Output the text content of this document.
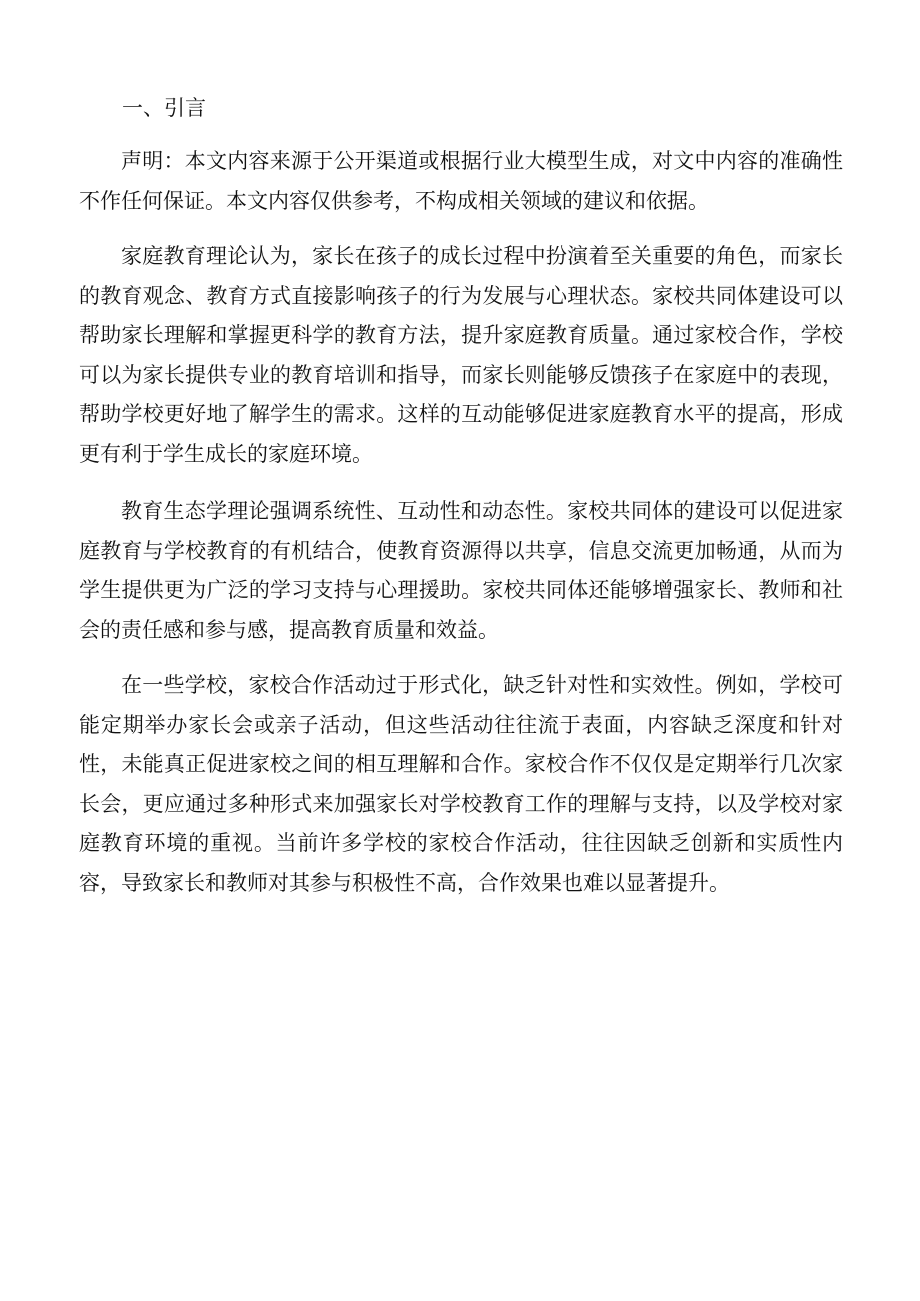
一、引言

声明：本文内容来源于公开渠道或根据行业大模型生成，对文中内容的准确性不作任何保证。本文内容仅供参考，不构成相关领域的建议和依据。

家庭教育理论认为，家长在孩子的成长过程中扮演着至关重要的角色，而家长的教育观念、教育方式直接影响孩子的行为发展与心理状态。家校共同体建设可以帮助家长理解和掌握更科学的教育方法，提升家庭教育质量。通过家校合作，学校可以为家长提供专业的教育培训和指导，而家长则能够反馈孩子在家庭中的表现，帮助学校更好地了解学生的需求。这样的互动能够促进家庭教育水平的提高，形成更有利于学生成长的家庭环境。

教育生态学理论强调系统性、互动性和动态性。家校共同体的建设可以促进家庭教育与学校教育的有机结合，使教育资源得以共享，信息交流更加畅通，从而为学生提供更为广泛的学习支持与心理援助。家校共同体还能够增强家长、教师和社会的责任感和参与感，提高教育质量和效益。

在一些学校，家校合作活动过于形式化，缺乏针对性和实效性。例如，学校可能定期举办家长会或亲子活动，但这些活动往往流于表面，内容缺乏深度和针对性，未能真正促进家校之间的相互理解和合作。家校合作不仅仅是定期举行几次家长会，更应通过多种形式来加强家长对学校教育工作的理解与支持，以及学校对家庭教育环境的重视。当前许多学校的家校合作活动，往往因缺乏创新和实质性内容，导致家长和教师对其参与积极性不高，合作效果也难以显著提升。
